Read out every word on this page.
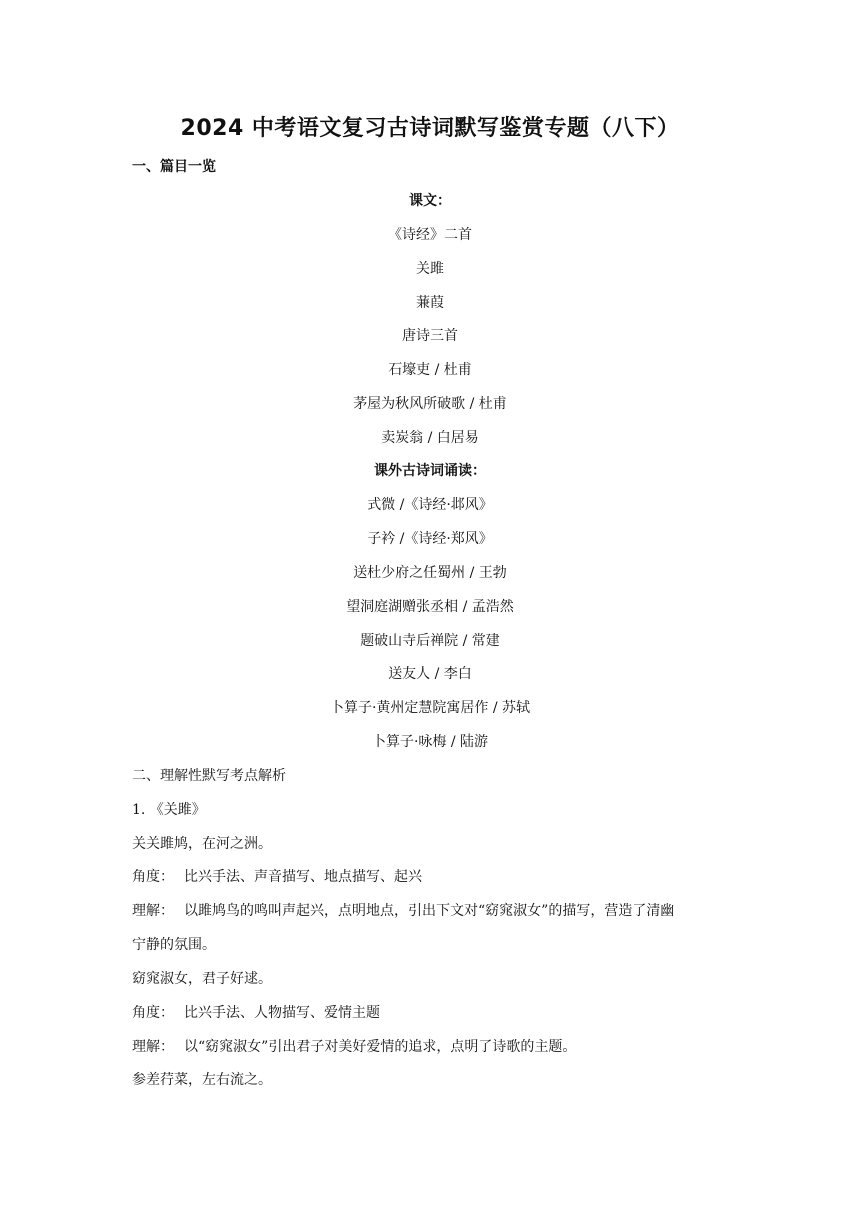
2024 中考语文复习古诗词默写鉴赏专题（八下）
一、篇目一览
课文：
《诗经》二首
关雎
蒹葭
唐诗三首
石壕吏 / 杜甫
茅屋为秋风所破歌 / 杜甫
卖炭翁 / 白居易
课外古诗词诵读：
式微 /《诗经·邶风》
子衿 /《诗经·郑风》
送杜少府之任蜀州 / 王勃
望洞庭湖赠张丞相 / 孟浩然
题破山寺后禅院 / 常建
送友人 / 李白
卜算子·黄州定慧院寓居作 / 苏轼
卜算子·咏梅 / 陆游
二、理解性默写考点解析
1. 《关雎》
关关雎鸠，在河之洲。
角度： 比兴手法、声音描写、地点描写、起兴
理解： 以雎鸠鸟的鸣叫声起兴，点明地点，引出下文对“窈窕淑女”的描写，营造了清幽
宁静的氛围。
窈窕淑女，君子好逑。
角度： 比兴手法、人物描写、爱情主题
理解： 以“窈窕淑女”引出君子对美好爱情的追求，点明了诗歌的主题。
参差荇菜，左右流之。
